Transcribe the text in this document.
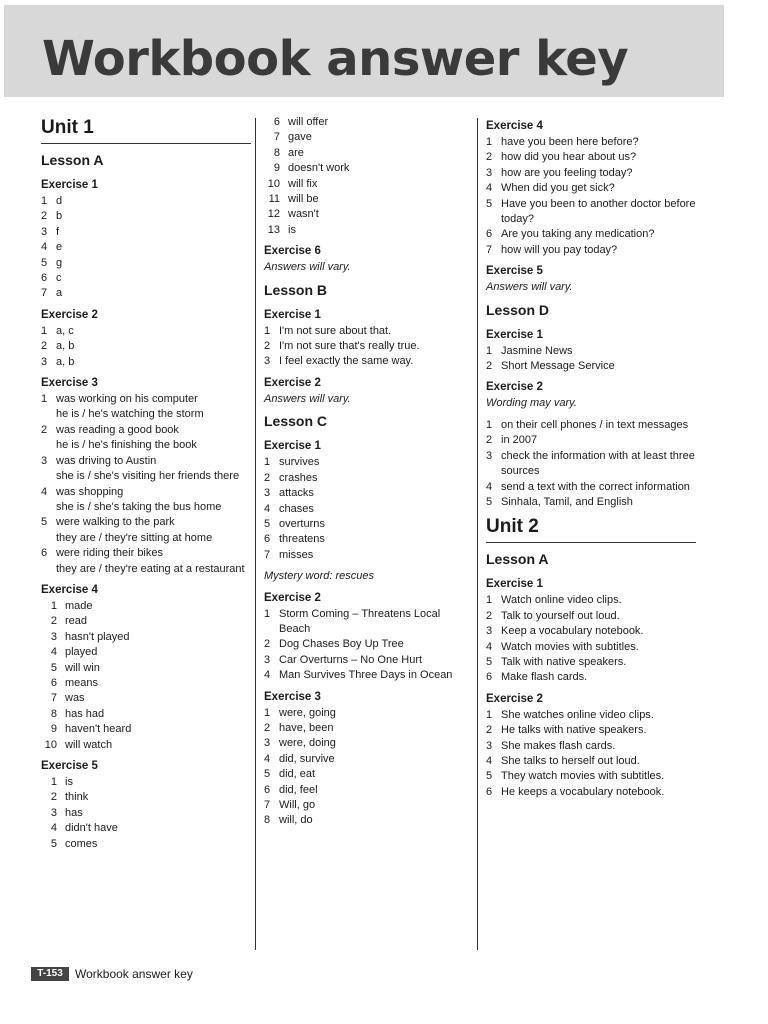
Workbook answer key
Unit 1
Lesson A
Exercise 1
1 d
2 b
3 f
4 e
5 g
6 c
7 a
Exercise 2
1 a, c
2 a, b
3 a, b
Exercise 3
1 was working on his computer
he is / he's watching the storm
2 was reading a good book
he is / he's finishing the book
3 was driving to Austin
she is / she's visiting her friends there
4 was shopping
she is / she's taking the bus home
5 were walking to the park
they are / they're sitting at home
6 were riding their bikes
they are / they're eating at a restaurant
Exercise 4
1 made
2 read
3 hasn't played
4 played
5 will win
6 means
7 was
8 has had
9 haven't heard
10 will watch
Exercise 5
1 is
2 think
3 has
4 didn't have
5 comes
6 will offer
7 gave
8 are
9 doesn't work
10 will fix
11 will be
12 wasn't
13 is
Exercise 6
Answers will vary.
Lesson B
Exercise 1
1 I'm not sure about that.
2 I'm not sure that's really true.
3 I feel exactly the same way.
Exercise 2
Answers will vary.
Lesson C
Exercise 1
1 survives
2 crashes
3 attacks
4 chases
5 overturns
6 threatens
7 misses
Mystery word: rescues
Exercise 2
1 Storm Coming – Threatens Local Beach
2 Dog Chases Boy Up Tree
3 Car Overturns – No One Hurt
4 Man Survives Three Days in Ocean
Exercise 3
1 were, going
2 have, been
3 were, doing
4 did, survive
5 did, eat
6 did, feel
7 Will, go
8 will, do
Exercise 4
1 have you been here before?
2 how did you hear about us?
3 how are you feeling today?
4 When did you get sick?
5 Have you been to another doctor before today?
6 Are you taking any medication?
7 how will you pay today?
Exercise 5
Answers will vary.
Lesson D
Exercise 1
1 Jasmine News
2 Short Message Service
Exercise 2
Wording may vary.
1 on their cell phones / in text messages
2 in 2007
3 check the information with at least three sources
4 send a text with the correct information
5 Sinhala, Tamil, and English
Unit 2
Lesson A
Exercise 1
1 Watch online video clips.
2 Talk to yourself out loud.
3 Keep a vocabulary notebook.
4 Watch movies with subtitles.
5 Talk with native speakers.
6 Make flash cards.
Exercise 2
1 She watches online video clips.
2 He talks with native speakers.
3 She makes flash cards.
4 She talks to herself out loud.
5 They watch movies with subtitles.
6 He keeps a vocabulary notebook.
T-153	Workbook answer key
